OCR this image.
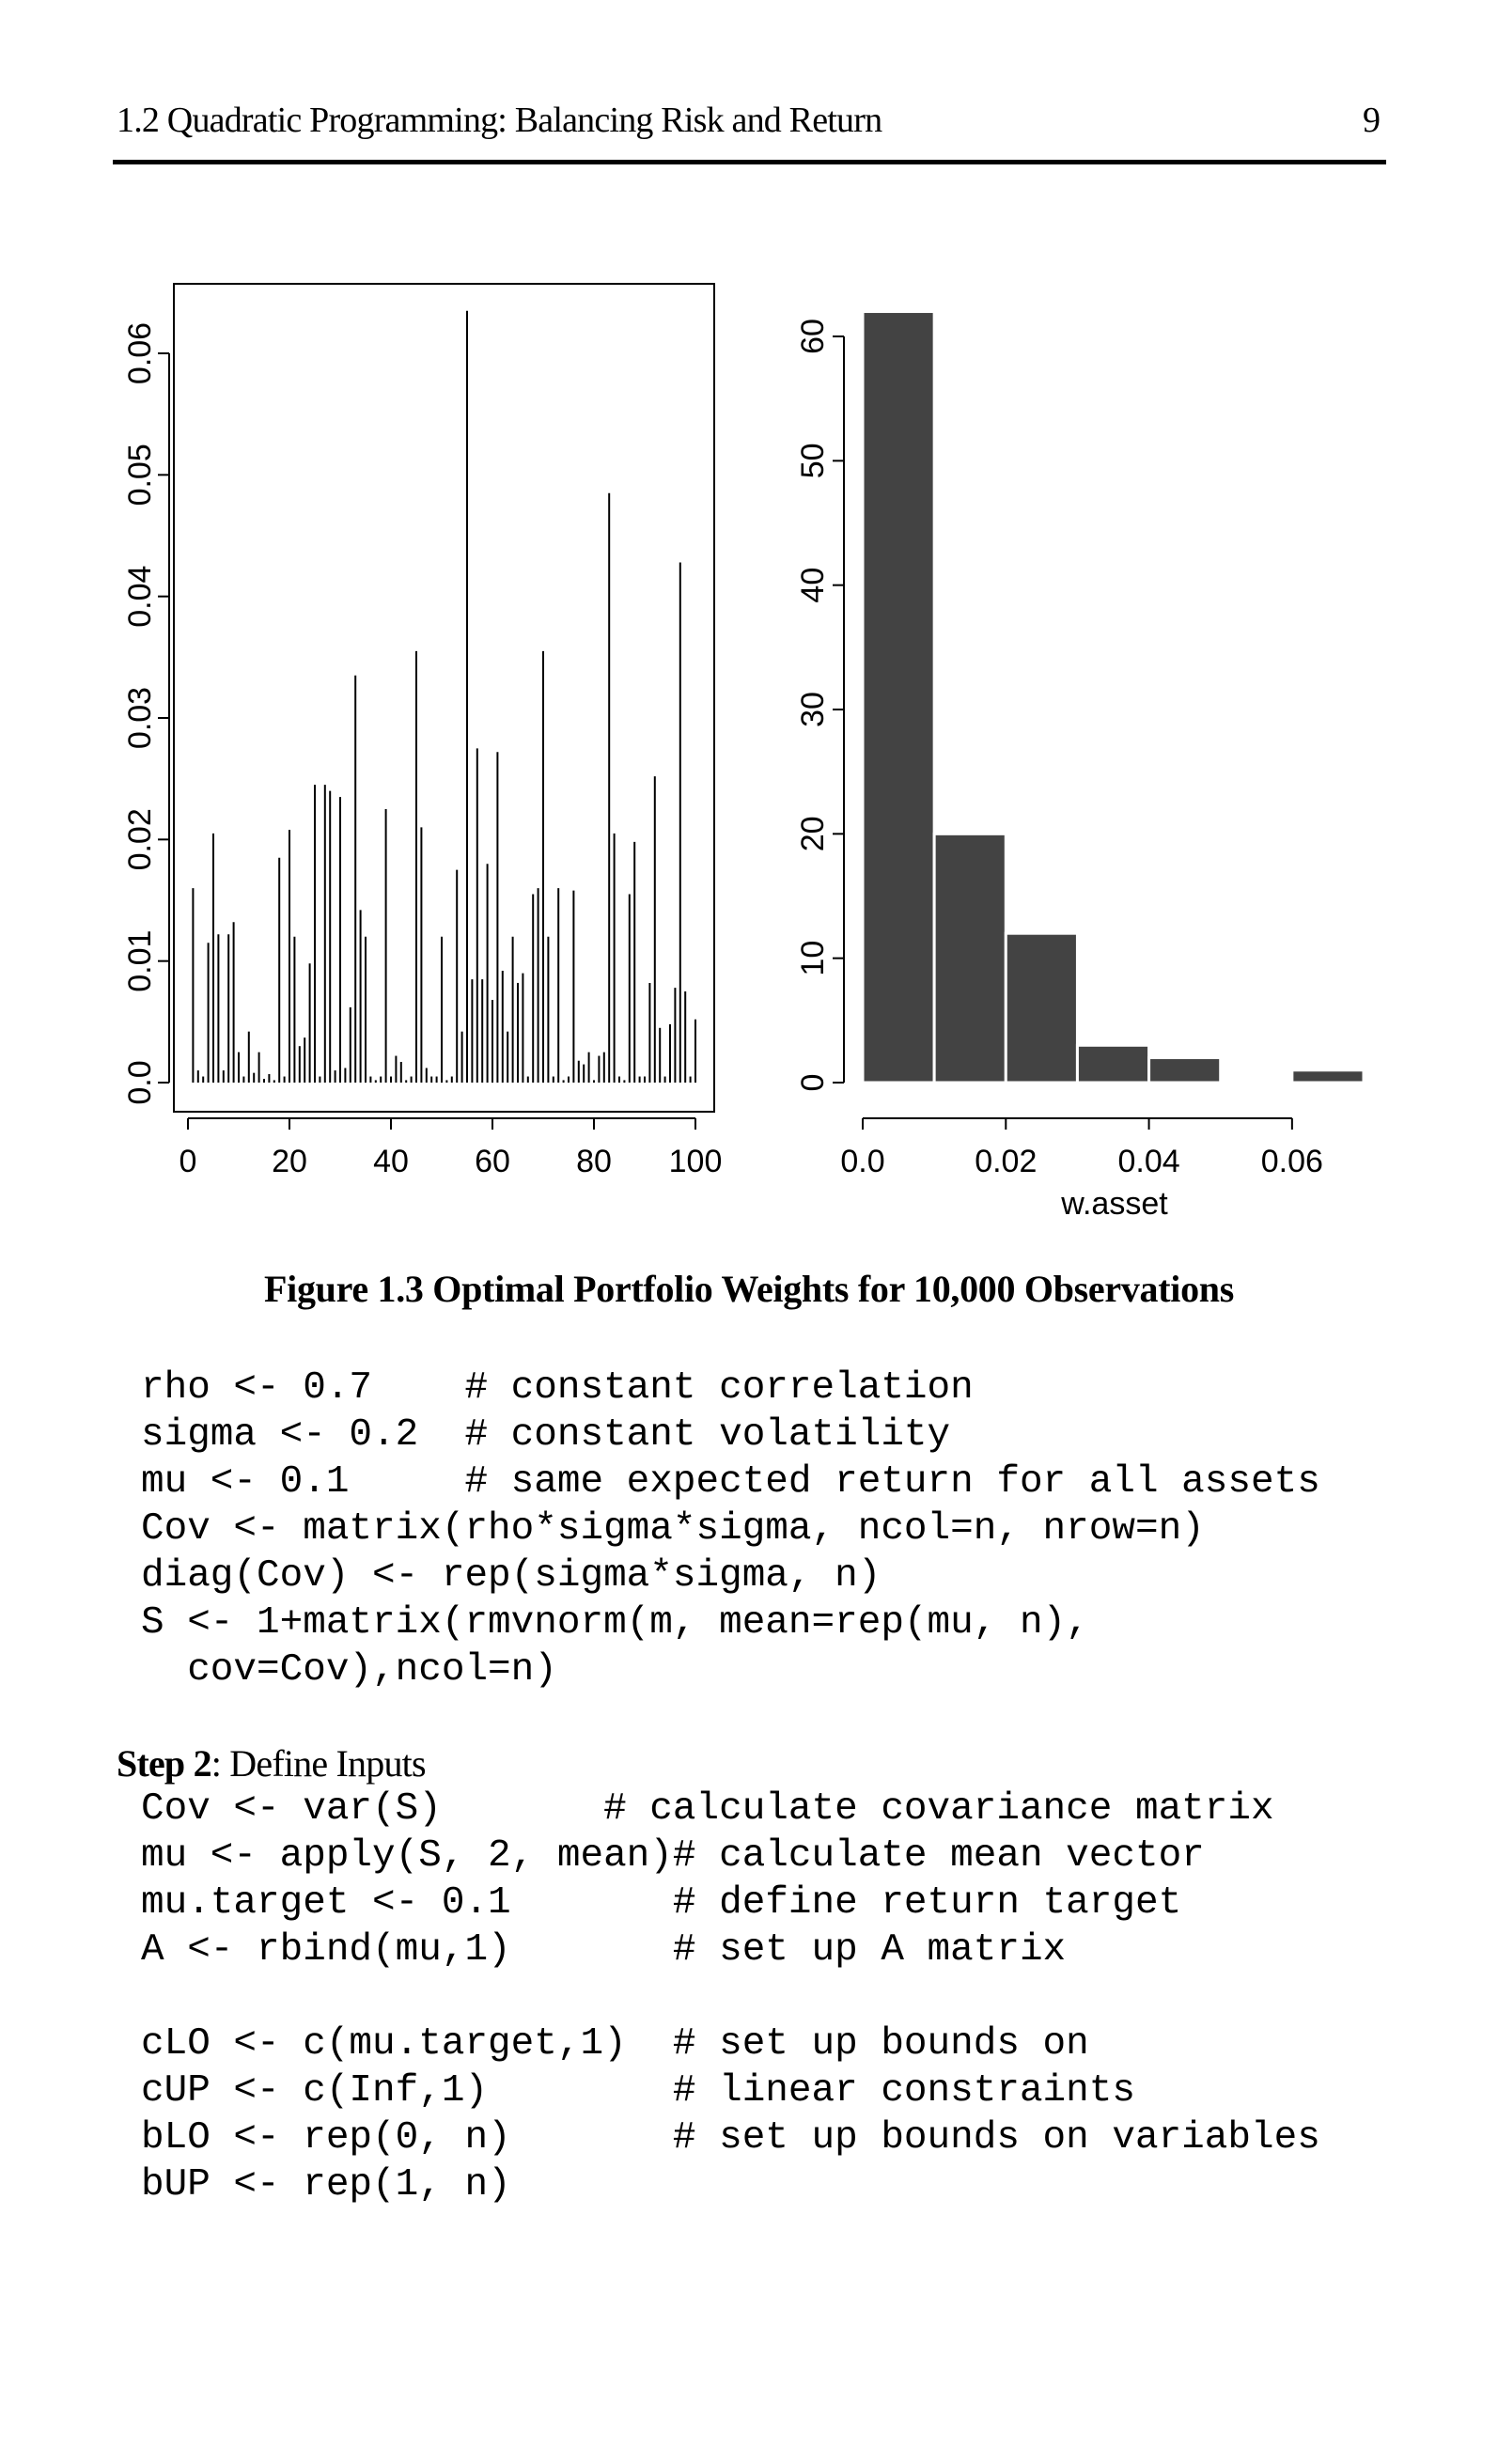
1.2 Quadratic Programming: Balancing Risk and Return	9
0 20 40 60 80 100
0.0
0.01
0.02
0.03
0.04
0.05
0.06
0.0	0.02	0.04	0.06
w.asset
0
10
20
30
40
50
60
Figure 1.3 Optimal Portfolio Weights for 10,000 Observations
rho <- 0.7    # constant correlation
sigma <- 0.2  # constant volatility
mu <- 0.1     # same expected return for all assets
Cov <- matrix(rho*sigma*sigma, ncol=n, nrow=n)
diag(Cov) <- rep(sigma*sigma, n)
S <- 1+matrix(rmvnorm(m, mean=rep(mu, n),
cov=Cov),ncol=n)
Step 2: Define Inputs
Cov <- var(S)       # calculate covariance matrix
mu <- apply(S, 2, mean)# calculate mean vector
mu.target <- 0.1       # define return target
A <- rbind(mu,1)       # set up A matrix
cLO <- c(mu.target,1)  # set up bounds on
cUP <- c(Inf,1)        # linear constraints
bLO <- rep(0, n)       # set up bounds on variables
bUP <- rep(1, n)
